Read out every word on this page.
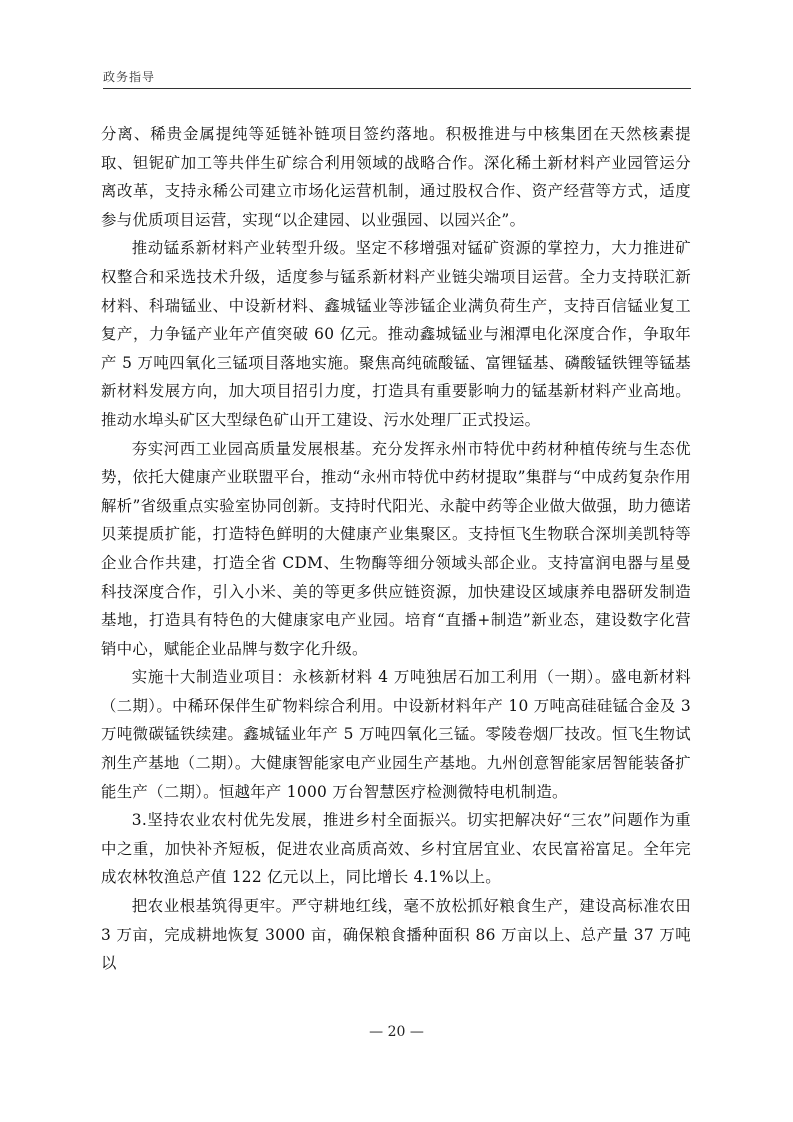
政务指导

分离、稀贵金属提纯等延链补链项目签约落地。积极推进与中核集团在天然核素提取、钽铌矿加工等共伴生矿综合利用领域的战略合作。深化稀土新材料产业园管运分离改革，支持永稀公司建立市场化运营机制，通过股权合作、资产经营等方式，适度参与优质项目运营，实现“以企建园、以业强园、以园兴企”。

推动锰系新材料产业转型升级。坚定不移增强对锰矿资源的掌控力，大力推进矿权整合和采选技术升级，适度参与锰系新材料产业链尖端项目运营。全力支持联汇新材料、科瑞锰业、中设新材料、鑫城锰业等涉锰企业满负荷生产，支持百信锰业复工复产，力争锰产业年产值突破 60 亿元。推动鑫城锰业与湘潭电化深度合作，争取年产 5 万吨四氧化三锰项目落地实施。聚焦高纯硫酸锰、富锂锰基、磷酸锰铁锂等锰基新材料发展方向，加大项目招引力度，打造具有重要影响力的锰基新材料产业高地。推动水埠头矿区大型绿色矿山开工建设、污水处理厂正式投运。

夯实河西工业园高质量发展根基。充分发挥永州市特优中药材种植传统与生态优势，依托大健康产业联盟平台，推动“永州市特优中药材提取”集群与“中成药复杂作用解析”省级重点实验室协同创新。支持时代阳光、永靛中药等企业做大做强，助力德诺贝莱提质扩能，打造特色鲜明的大健康产业集聚区。支持恒飞生物联合深圳美凯特等企业合作共建，打造全省 CDM、生物酶等细分领域头部企业。支持富润电器与星曼科技深度合作，引入小米、美的等更多供应链资源，加快建设区域康养电器研发制造基地，打造具有特色的大健康家电产业园。培育“直播+制造”新业态，建设数字化营销中心，赋能企业品牌与数字化升级。

实施十大制造业项目：永核新材料 4 万吨独居石加工利用（一期）。盛电新材料（二期）。中稀环保伴生矿物料综合利用。中设新材料年产 10 万吨高硅硅锰合金及 3 万吨微碳锰铁续建。鑫城锰业年产 5 万吨四氧化三锰。零陵卷烟厂技改。恒飞生物试剂生产基地（二期）。大健康智能家电产业园生产基地。九州创意智能家居智能装备扩能生产（二期）。恒越年产 1000 万台智慧医疗检测微特电机制造。

3.坚持农业农村优先发展，推进乡村全面振兴。切实把解决好“三农”问题作为重中之重，加快补齐短板，促进农业高质高效、乡村宜居宜业、农民富裕富足。全年完成农林牧渔总产值 122 亿元以上，同比增长 4.1%以上。

把农业根基筑得更牢。严守耕地红线，毫不放松抓好粮食生产，建设高标准农田 3 万亩，完成耕地恢复 3000 亩，确保粮食播种面积 86 万亩以上、总产量 37 万吨以

— 20 —
